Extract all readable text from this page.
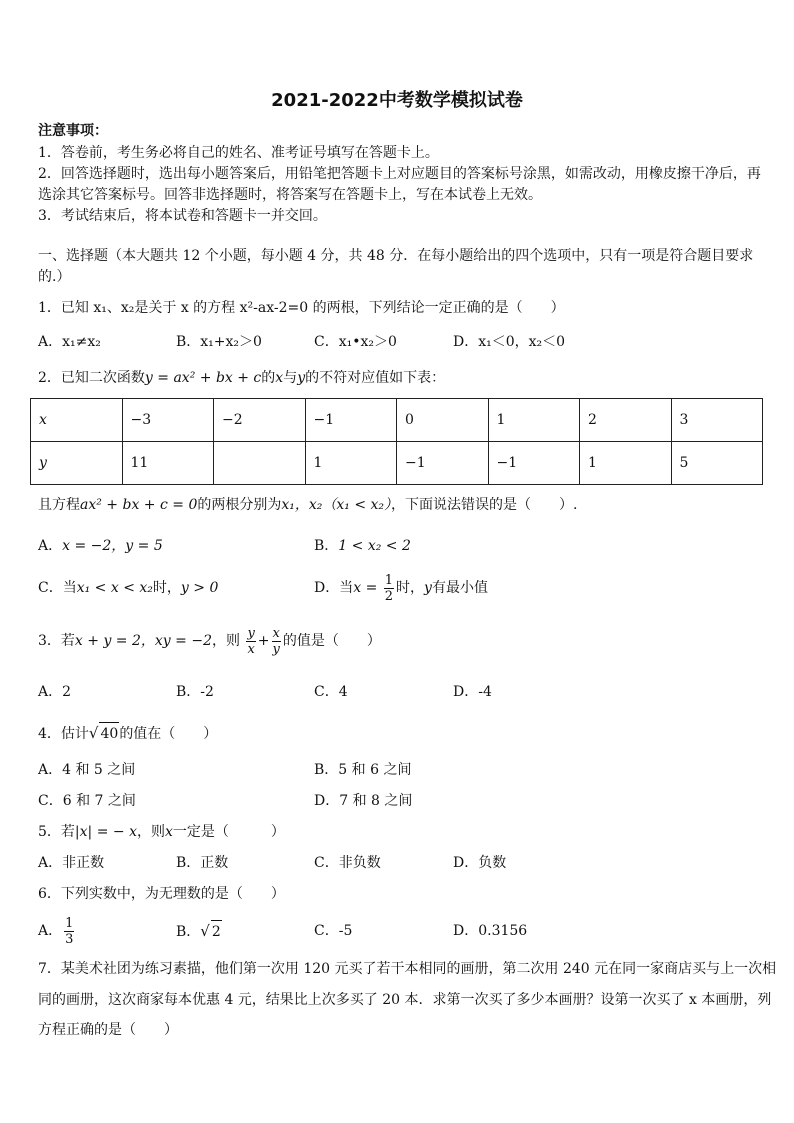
2021-2022中考数学模拟试卷
注意事项：
1．答卷前，考生务必将自己的姓名、准考证号填写在答题卡上。
2．回答选择题时，选出每小题答案后，用铅笔把答题卡上对应题目的答案标号涂黑，如需改动，用橡皮擦干净后，再
选涂其它答案标号。回答非选择题时，将答案写在答题卡上，写在本试卷上无效。
3．考试结束后，将本试卷和答题卡一并交回。
一、选择题（本大题共 12 个小题，每小题 4 分，共 48 分．在每小题给出的四个选项中，只有一项是符合题目要求
的.）
1．已知 x₁、x₂是关于 x 的方程 x²-ax-2=0 的两根，下列结论一定正确的是（　　）
A．x₁≠x₂	B．x₁+x₂＞0	C．x₁•x₂＞0	D．x₁＜0，x₂＜0
2．已知二次函数y = ax² + bx + c的x与y的不符对应值如下表：
x	−3	−2	−1	0	1	2	3
y	11		1	−1	−1	1	5
且方程ax² + bx + c = 0的两根分别为x₁，x₂（x₁ < x₂），下面说法错误的是（　　）.
A．x = −2，y = 5	B．1 < x₂ < 2
C．当x₁ < x < x₂时，y > 0	D．当$x = \frac{1}{2}$ 时，y有最小值
3．若x + y = 2，xy = −2，则 $\frac{y}{x} + \frac{x}{y}$ 的值是（　　）
A．2	B．-2	C．4	D．-4
4．估计√ 40的值在（　　）
A．4 和 5 之间	B．5 和 6 之间
C．6 和 7 之间	D．7 和 8 之间
5．若|x| = − x，则x一定是（　　　）
A．非正数	B．正数	C．非负数	D．负数
6．下列实数中，为无理数的是（　　）
A． $\frac{1}{3}$	B．√ 2	C．-5	D．0.3156
7．某美术社团为练习素描，他们第一次用 120 元买了若干本相同的画册，第二次用 240 元在同一家商店买与上一次相
同的画册，这次商家每本优惠 4 元，结果比上次多买了 20 本．求第一次买了多少本画册？设第一次买了 x 本画册，列
方程正确的是（　　）
